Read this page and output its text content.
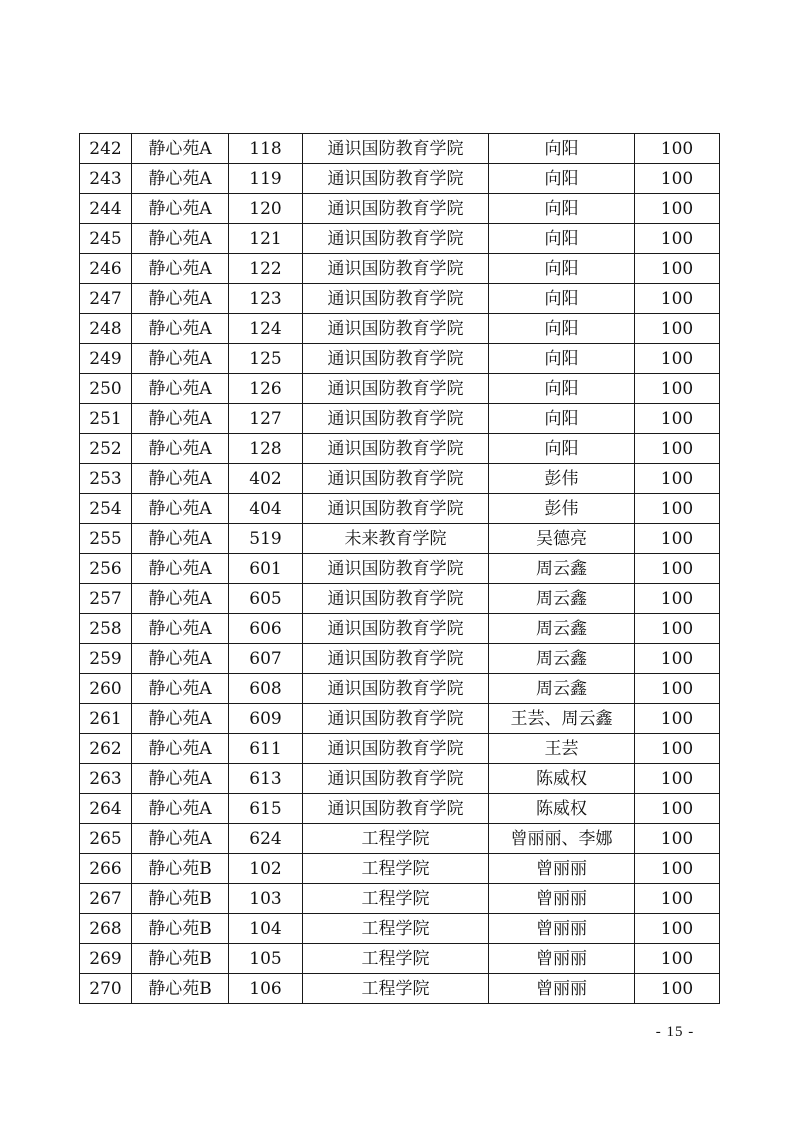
242	静心苑A	118	通识国防教育学院	向阳	100
243	静心苑A	119	通识国防教育学院	向阳	100
244	静心苑A	120	通识国防教育学院	向阳	100
245	静心苑A	121	通识国防教育学院	向阳	100
246	静心苑A	122	通识国防教育学院	向阳	100
247	静心苑A	123	通识国防教育学院	向阳	100
248	静心苑A	124	通识国防教育学院	向阳	100
249	静心苑A	125	通识国防教育学院	向阳	100
250	静心苑A	126	通识国防教育学院	向阳	100
251	静心苑A	127	通识国防教育学院	向阳	100
252	静心苑A	128	通识国防教育学院	向阳	100
253	静心苑A	402	通识国防教育学院	彭伟	100
254	静心苑A	404	通识国防教育学院	彭伟	100
255	静心苑A	519	未来教育学院	吴德亮	100
256	静心苑A	601	通识国防教育学院	周云鑫	100
257	静心苑A	605	通识国防教育学院	周云鑫	100
258	静心苑A	606	通识国防教育学院	周云鑫	100
259	静心苑A	607	通识国防教育学院	周云鑫	100
260	静心苑A	608	通识国防教育学院	周云鑫	100
261	静心苑A	609	通识国防教育学院	王芸、周云鑫	100
262	静心苑A	611	通识国防教育学院	王芸	100
263	静心苑A	613	通识国防教育学院	陈威权	100
264	静心苑A	615	通识国防教育学院	陈威权	100
265	静心苑A	624	工程学院	曾丽丽、李娜	100
266	静心苑B	102	工程学院	曾丽丽	100
267	静心苑B	103	工程学院	曾丽丽	100
268	静心苑B	104	工程学院	曾丽丽	100
269	静心苑B	105	工程学院	曾丽丽	100
270	静心苑B	106	工程学院	曾丽丽	100
- 15 -
